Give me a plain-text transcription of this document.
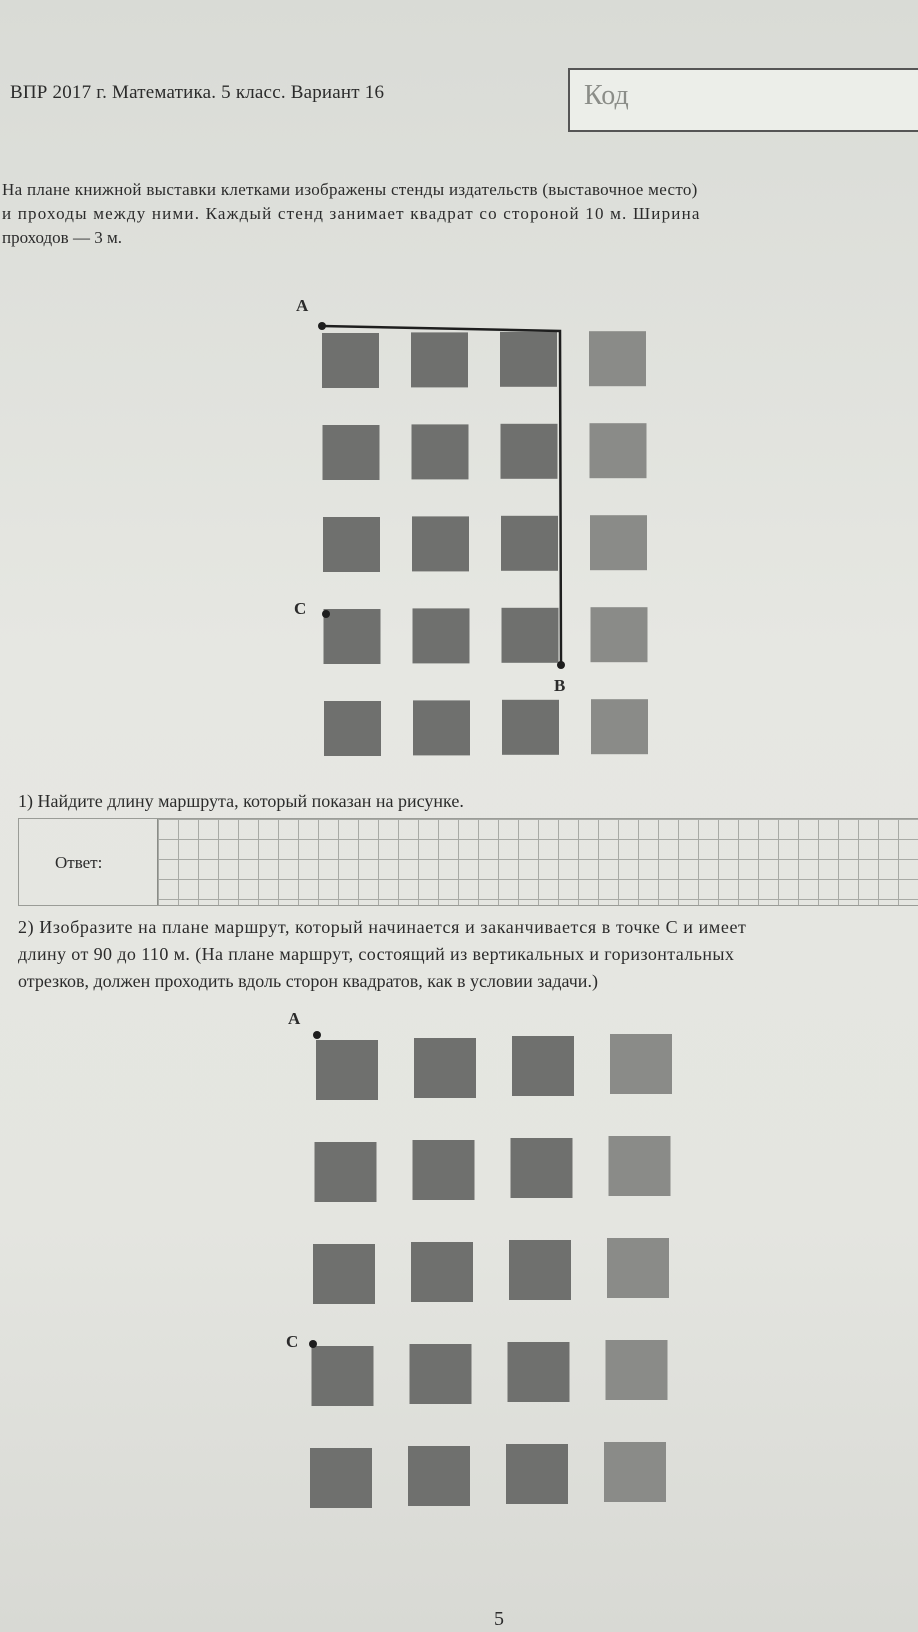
ВПР 2017 г. Математика. 5 класс. Вариант 16	Код

На плане книжной выставки клетками изображены стенды издательств (выставочное место)
и проходы между ними. Каждый стенд занимает квадрат со стороной 10 м. Ширина
проходов — 3 м.

A
B
C
1) Найдите длину маршрута, который показан на рисунке.
Ответ:
2) Изобразите на плане маршрут, который начинается и заканчивается в точке C и имеет
длину от 90 до 110 м. (На плане маршрут, состоящий из вертикальных и горизонтальных
отрезков, должен проходить вдоль сторон квадратов, как в условии задачи.)
A
C
5
